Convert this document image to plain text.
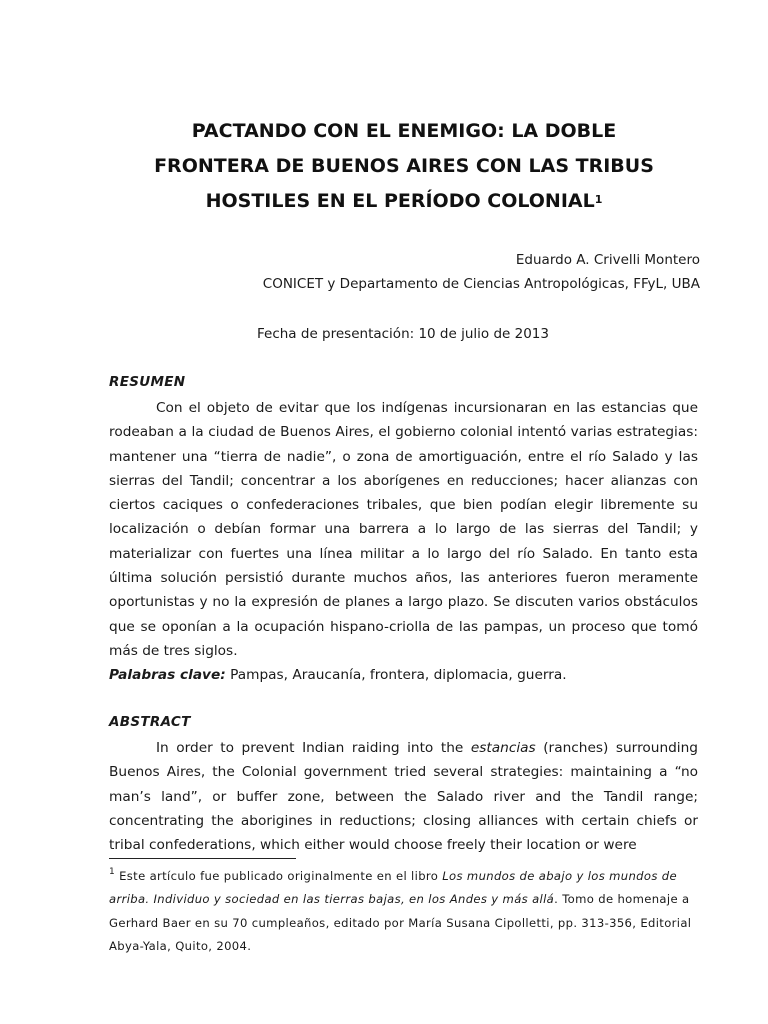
PACTANDO CON EL ENEMIGO: LA DOBLE
FRONTERA DE BUENOS AIRES CON LAS TRIBUS
HOSTILES EN EL PERÍODO COLONIAL$^1$
Eduardo A. Crivelli Montero
CONICET y Departamento de Ciencias Antropológicas, FFyL, UBA
Fecha de presentación: 10 de julio de 2013
RESUMEN

Con el objeto de evitar que los indígenas incursionaran en las estancias que rodeaban a la ciudad de Buenos Aires, el gobierno colonial intentó varias estrategias: mantener una “tierra de nadie”, o zona de amortiguación, entre el río Salado y las sierras del Tandil; concentrar a los aborígenes en reducciones; hacer alianzas con ciertos caciques o confederaciones tribales, que bien podían elegir libremente su localización o debían formar una barrera a lo largo de las sierras del Tandil; y materializar con fuertes una línea militar a lo largo del río Salado. En tanto esta última solución persistió durante muchos años, las anteriores fueron meramente oportunistas y no la expresión de planes a largo plazo. Se discuten varios obstáculos que se oponían a la ocupación hispano-criolla de las pampas, un proceso que tomó más de tres siglos.

Palabras clave: Pampas, Araucanía, frontera, diplomacia, guerra.

ABSTRACT

In order to prevent Indian raiding into the estancias (ranches) surrounding Buenos Aires, the Colonial government tried several strategies: maintaining a “no man’s land”, or buffer zone, between the Salado river and the Tandil range; concentrating the aborigines in reductions; closing alliances with certain chiefs or tribal confederations, which either would choose freely their location or were

$^1$ Este artículo fue publicado originalmente en el libro Los mundos de abajo y los mundos de arriba. Individuo y sociedad en las tierras bajas, en los Andes y más allá. Tomo de homenaje a Gerhard Baer en su 70 cumpleaños, editado por María Susana Cipolletti, pp. 313-356, Editorial Abya-Yala, Quito, 2004.
